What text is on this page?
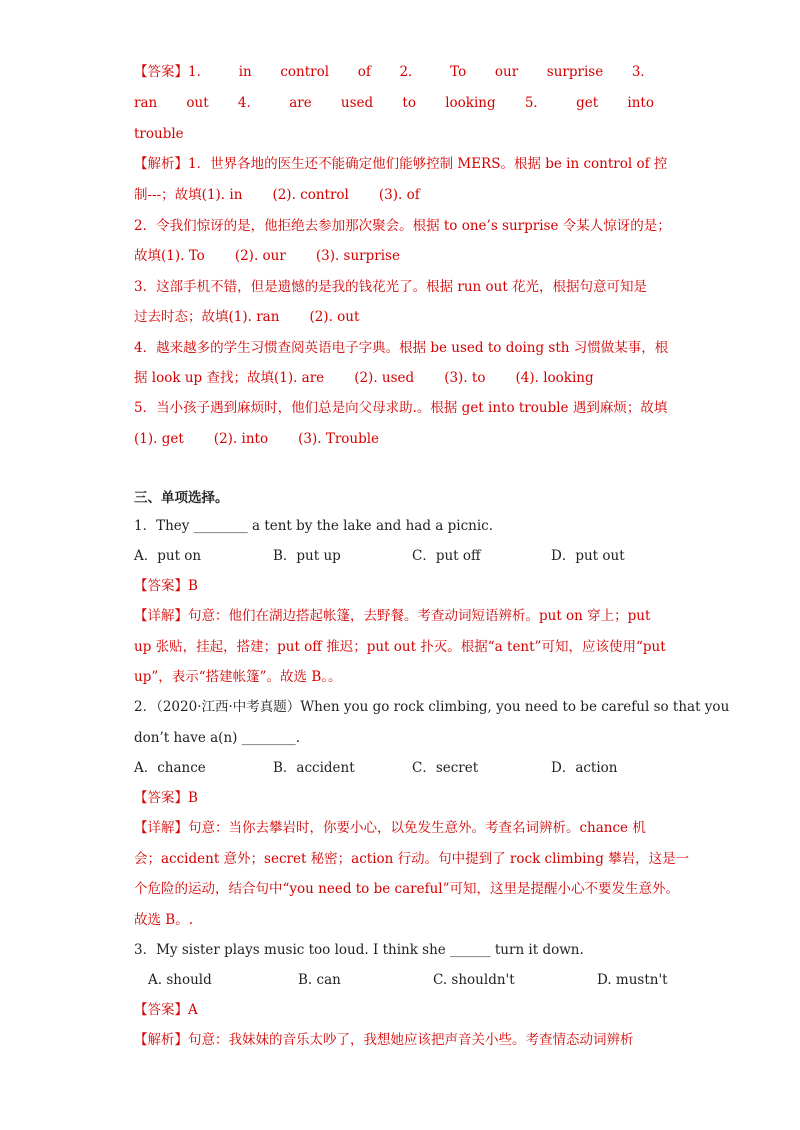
【答案】1． in control of 2． To our surprise 3．
ran out 4． are used to looking 5． get into
trouble
【解析】1．世界各地的医生还不能确定他们能够控制 MERS。根据 be in control of 控
制---；故填(1). in       (2). control       (3). of
2．令我们惊讶的是，他拒绝去参加那次聚会。根据 to one’s surprise 令某人惊讶的是；
故填(1). To       (2). our       (3). surprise
3．这部手机不错，但是遗憾的是我的钱花光了。根据 run out 花光，根据句意可知是
过去时态；故填(1). ran       (2). out
4．越来越多的学生习惯查阅英语电子字典。根据 be used to doing sth 习惯做某事，根
据 look up 查找；故填(1). are       (2). used       (3). to       (4). looking
5．当小孩子遇到麻烦时，他们总是向父母求助.。根据 get into trouble 遇到麻烦；故填
(1). get       (2). into       (3). Trouble
三、单项选择。
1．They ________ a tent by the lake and had a picnic.
A．put on	B．put up	C．put off	D．put out
【答案】B
【详解】句意：他们在湖边搭起帐篷，去野餐。考查动词短语辨析。put on 穿上；put
up 张贴，挂起，搭建；put off 推迟；put out 扑灭。根据“a tent”可知，应该使用“put
up”，表示“搭建帐篷”。故选 B。。
2．（2020·江西·中考真题）When you go rock climbing, you need to be careful so that you
don’t have a(n) ________.
A．chance	B．accident	C．secret	D．action
【答案】B
【详解】句意：当你去攀岩时，你要小心，以免发生意外。考查名词辨析。chance 机
会；accident 意外；secret 秘密；action 行动。句中提到了 rock climbing 攀岩，这是一
个危险的运动，结合句中“you need to be careful”可知，这里是提醒小心不要发生意外。
故选 B。.
3．My sister plays music too loud. I think she ______ turn it down.
A. should	B. can	C. shouldn't	D. mustn't
【答案】A
【解析】句意：我妹妹的音乐太吵了，我想她应该把声音关小些。考查情态动词辨析
